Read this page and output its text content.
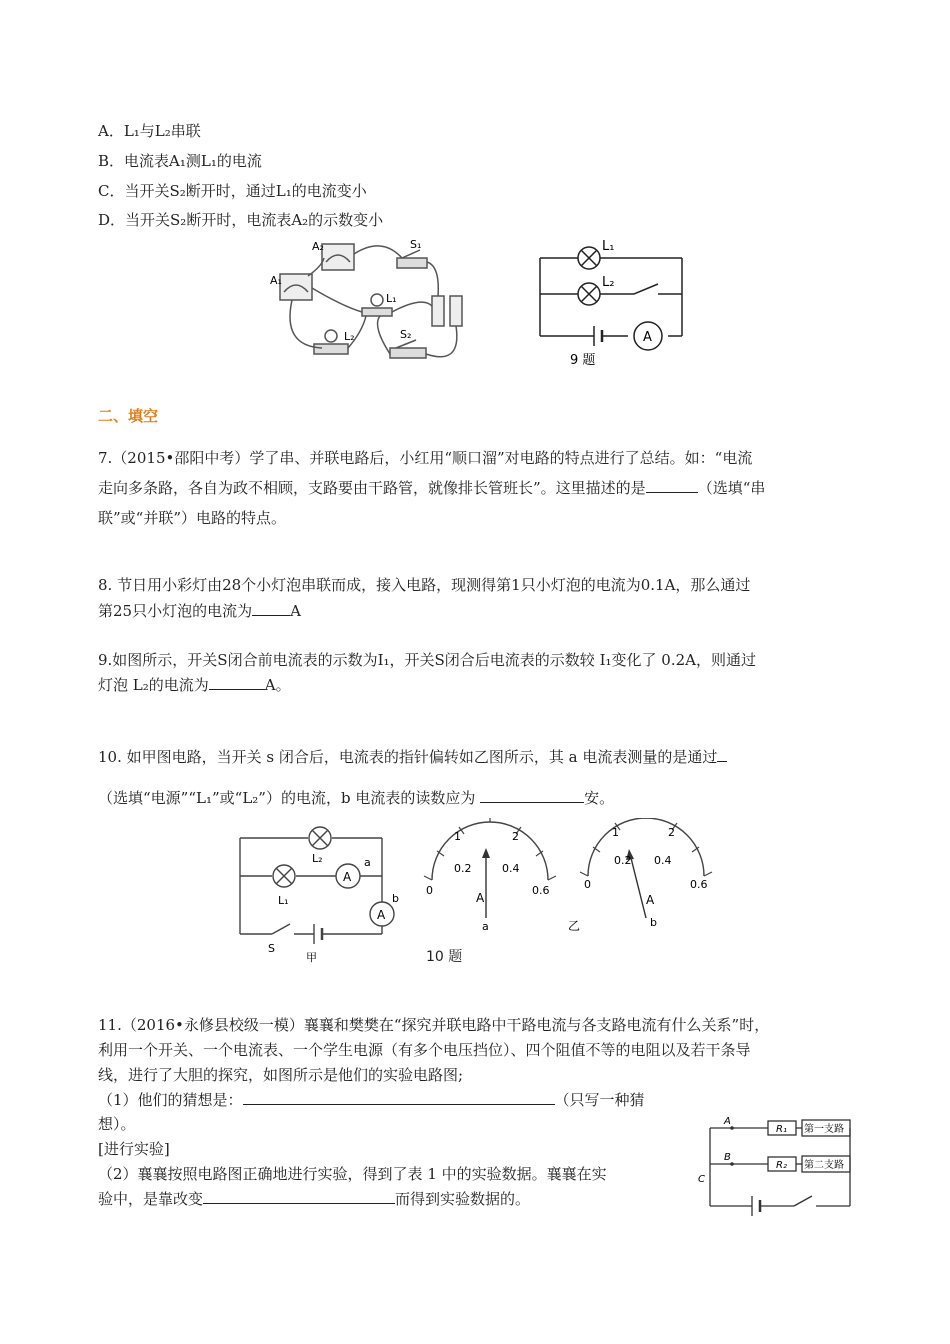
A．L₁与L₂串联
B．电流表A₁测L₁的电流
C．当开关S₂断开时，通过L₁的电流变小
D．当开关S₂断开时，电流表A₂的示数变小
A₁
A₂	S₁
L₁
L₂	S₂
L₁
L₂
A
9 题
二、填空
7.（2015•邵阳中考）学了串、并联电路后，小红用“顺口溜”对电路的特点进行了总结。如：“电流
走向多条路，各自为政不相顾，支路要由干路管，就像排长管班长”。这里描述的是	（选填“串
联”或“并联”）电路的特点。
8. 节日用小彩灯由28个小灯泡串联而成，接入电路，现测得第1只小灯泡的电流为0.1A，那么通过
第25只小灯泡的电流为	A
9.如图所示，开关S闭合前电流表的示数为I₁，开关S闭合后电流表的示数较 I₁变化了 0.2A，则通过
灯泡 L₂的电流为	A。
10. 如甲图电路，当开关 s 闭合后，电流表的指针偏转如乙图所示，其 a 电流表测量的是通过
（选填“电源”“L₁”或“L₂”）的电流，b 电流表的读数应为	安。
A
A
L₂	a
L₁	b
S
甲
1	2
0
0.2	0.4
0.6
A
a	乙
1	2
0
0.2 0.4
0.6
A
b
10 题
11.（2016•永修县校级一模）襄襄和樊樊在“探究并联电路中干路电流与各支路电流有什么关系”时，
利用一个开关、一个电流表、一个学生电源（有多个电压挡位）、四个阻值不等的电阻以及若干条导
线，进行了大胆的探究，如图所示是他们的实验电路图;
（1）他们的猜想是：	（只写一种猜
想）。
[进行实验]
（2）襄襄按照电路图正确地进行实验，得到了表 1 中的实验数据。襄襄在实
验中，是靠改变	而得到实验数据的。
A
B
C
R₁
R₂
第一支路
第二支路
